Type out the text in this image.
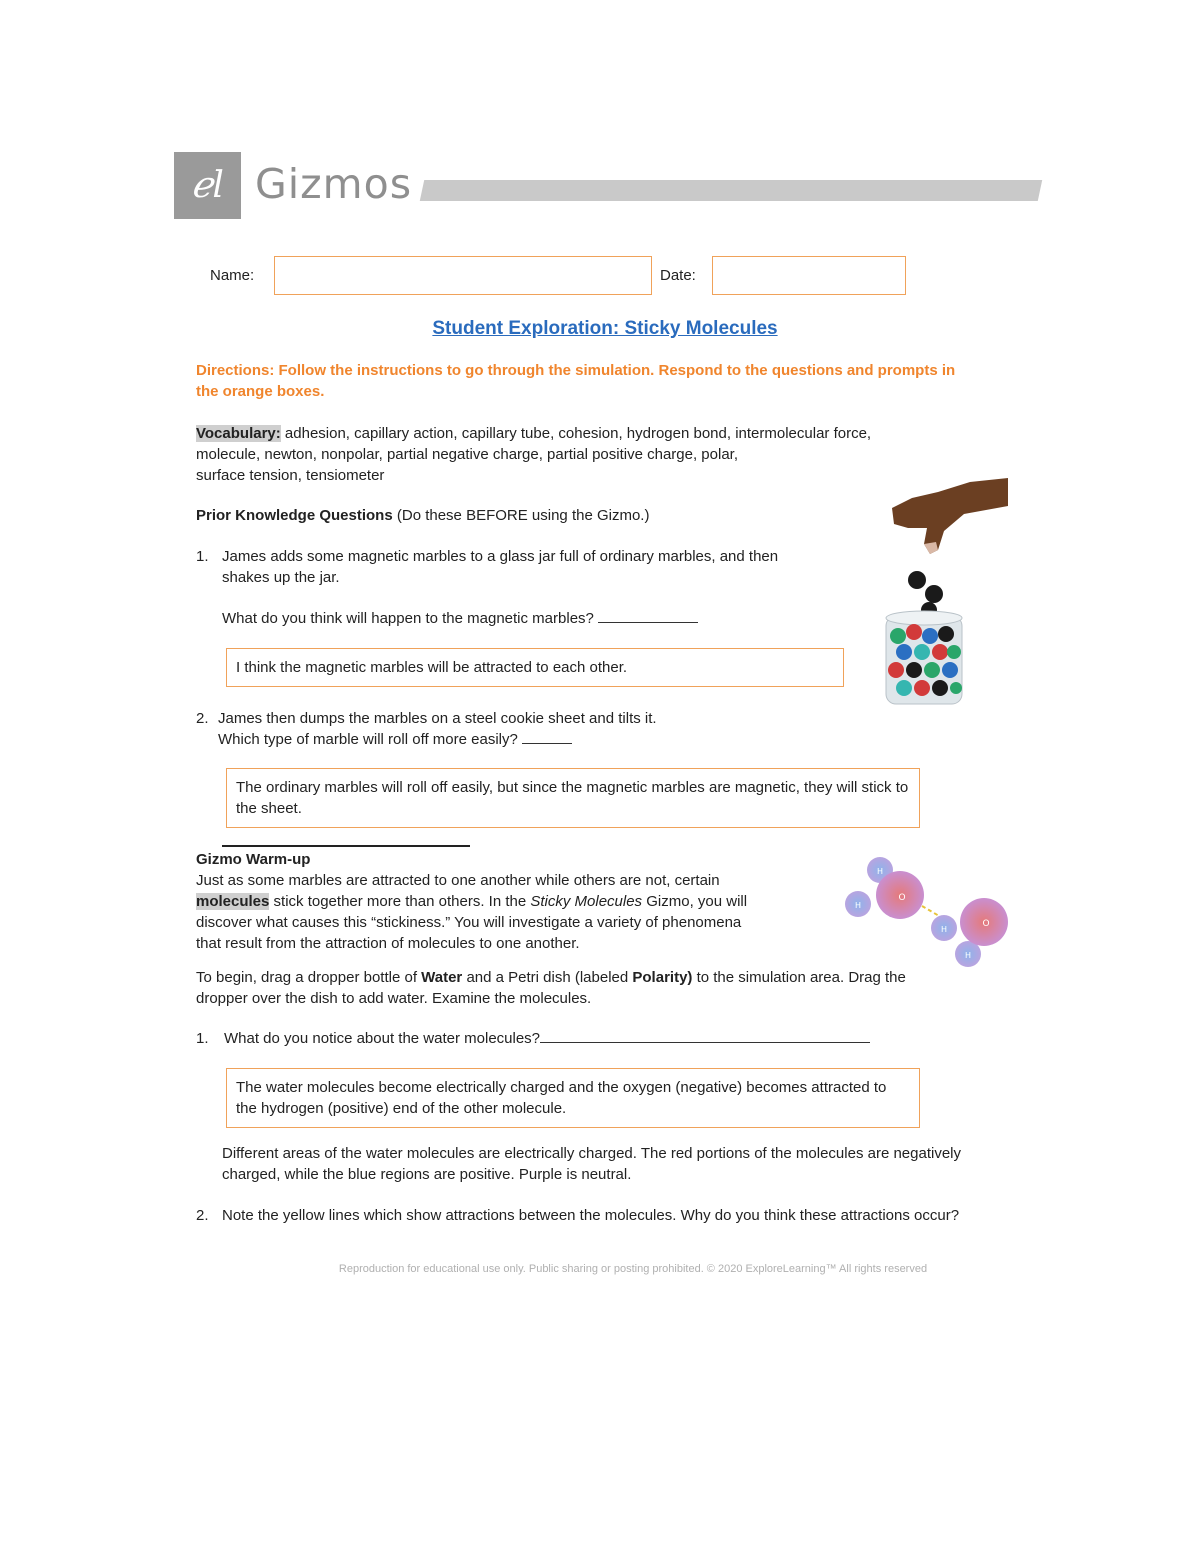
ℯl Gizmos
Name:	Date:
Student Exploration: Sticky Molecules
Directions: Follow the instructions to go through the simulation. Respond to the questions and prompts in the orange boxes.
Vocabulary: adhesion, capillary action, capillary tube, cohesion, hydrogen bond, intermolecular force,
molecule, newton, nonpolar, partial negative charge, partial positive charge, polar,
surface tension, tensiometer
Prior Knowledge Questions (Do these BEFORE using the Gizmo.)
1. James adds some magnetic marbles to a glass jar full of ordinary marbles, and then
shakes up the jar.
What do you think will happen to the magnetic marbles?
I think the magnetic marbles will be attracted to each other.
2. James then dumps the marbles on a steel cookie sheet and tilts it.
Which type of marble will roll off more easily?
The ordinary marbles will roll off easily, but since the magnetic marbles are magnetic, they will stick to the sheet.
Gizmo Warm-up
Just as some marbles are attracted to one another while others are not, certain
molecules stick together more than others. In the Sticky Molecules Gizmo, you will
discover what causes this “stickiness.” You will investigate a variety of phenomena
that result from the attraction of molecules to one another.
H
H
O
H
H
O
To begin, drag a dropper bottle of Water and a Petri dish (labeled Polarity) to the simulation area. Drag the
dropper over the dish to add water. Examine the molecules.
1. What do you notice about the water molecules?
The water molecules become electrically charged and the oxygen (negative) becomes attracted to the hydrogen (positive) end of the other molecule.
Different areas of the water molecules are electrically charged. The red portions of the molecules are negatively charged, while the blue regions are positive. Purple is neutral.
2. Note the yellow lines which show attractions between the molecules. Why do you think these attractions occur?
Reproduction for educational use only. Public sharing or posting prohibited. © 2020 ExploreLearning™ All rights reserved
